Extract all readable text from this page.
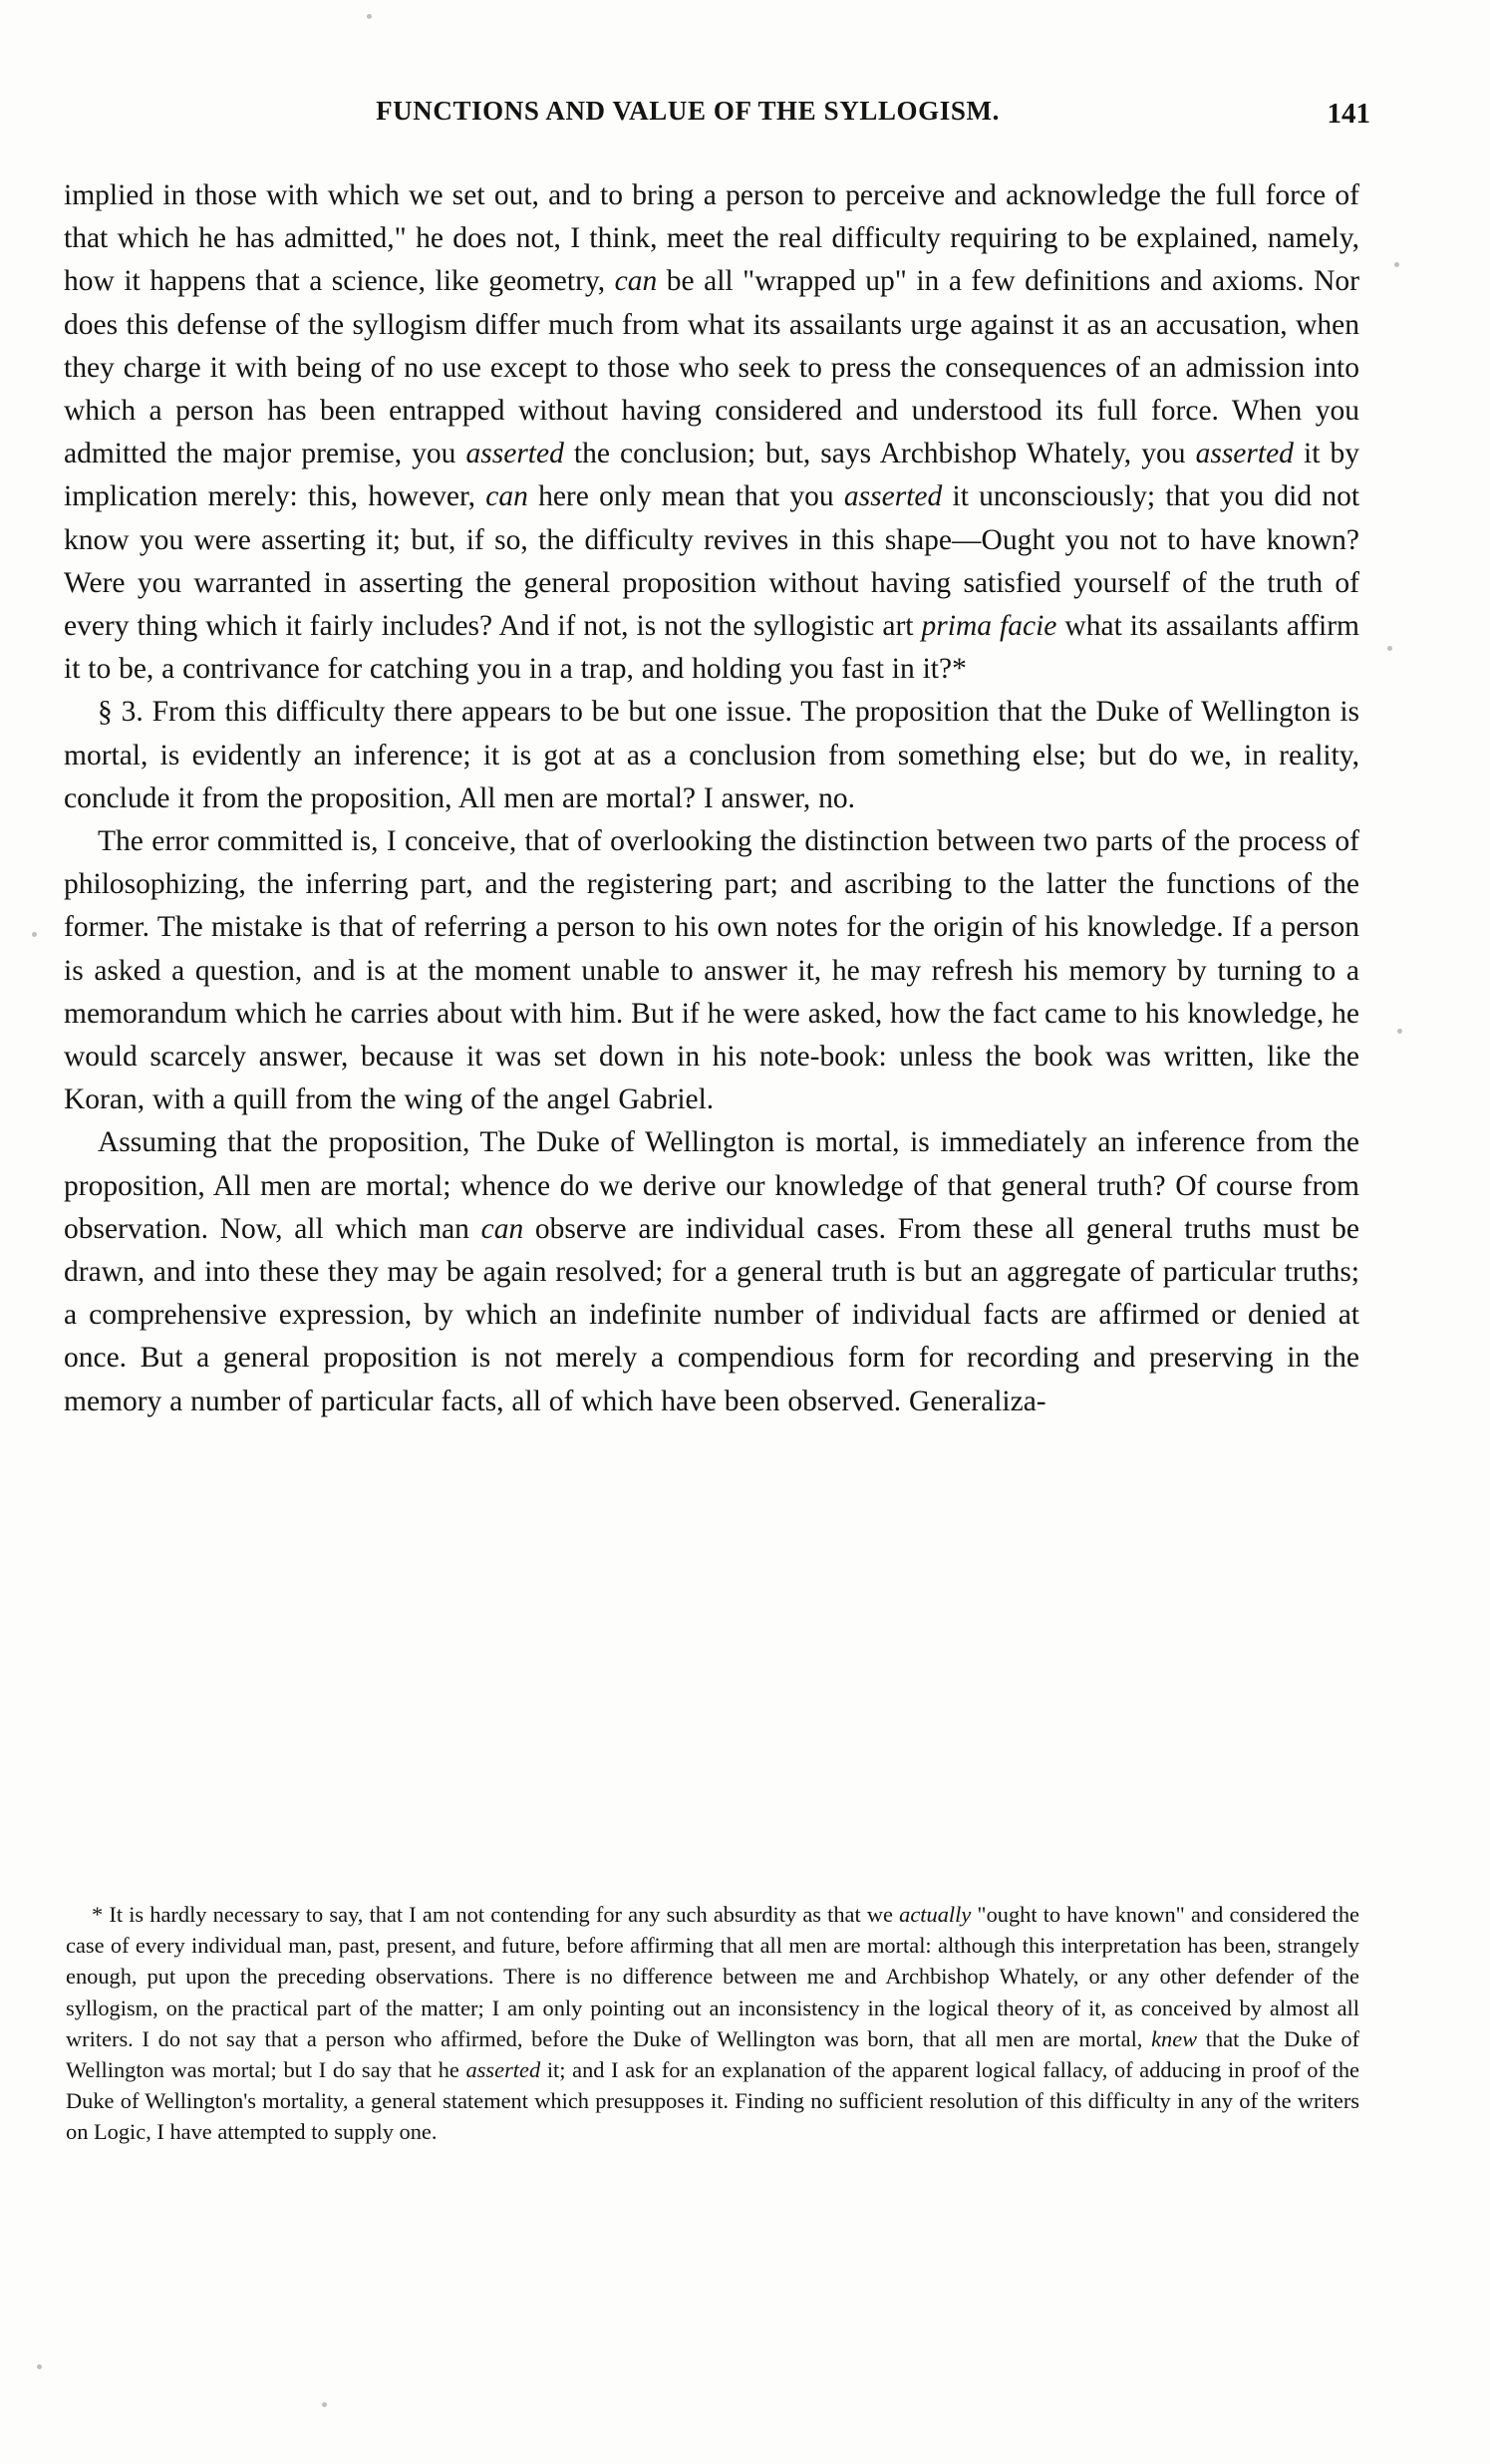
FUNCTIONS AND VALUE OF THE SYLLOGISM.	141

implied in those with which we set out, and to bring a person to perceive and acknowledge the full force of that which he has admitted," he does not, I think, meet the real difficulty requiring to be explained, namely, how it happens that a science, like geometry, can be all "wrapped up" in a few definitions and axioms. Nor does this defense of the syllogism differ much from what its assailants urge against it as an accusation, when they charge it with being of no use except to those who seek to press the consequences of an admission into which a person has been entrapped without having considered and understood its full force. When you admitted the major premise, you asserted the conclusion; but, says Archbishop Whately, you asserted it by implication merely: this, however, can here only mean that you asserted it unconsciously; that you did not know you were asserting it; but, if so, the difficulty revives in this shape—Ought you not to have known? Were you warranted in asserting the general proposition without having satisfied yourself of the truth of every thing which it fairly includes? And if not, is not the syllogistic art prima facie what its assailants affirm it to be, a contrivance for catching you in a trap, and holding you fast in it?*

§ 3. From this difficulty there appears to be but one issue. The proposition that the Duke of Wellington is mortal, is evidently an inference; it is got at as a conclusion from something else; but do we, in reality, conclude it from the proposition, All men are mortal? I answer, no.

The error committed is, I conceive, that of overlooking the distinction between two parts of the process of philosophizing, the inferring part, and the registering part; and ascribing to the latter the functions of the former. The mistake is that of referring a person to his own notes for the origin of his knowledge. If a person is asked a question, and is at the moment unable to answer it, he may refresh his memory by turning to a memorandum which he carries about with him. But if he were asked, how the fact came to his knowledge, he would scarcely answer, because it was set down in his note-book: unless the book was written, like the Koran, with a quill from the wing of the angel Gabriel.

Assuming that the proposition, The Duke of Wellington is mortal, is immediately an inference from the proposition, All men are mortal; whence do we derive our knowledge of that general truth? Of course from observation. Now, all which man can observe are individual cases. From these all general truths must be drawn, and into these they may be again resolved; for a general truth is but an aggregate of particular truths; a comprehensive expression, by which an indefinite number of individual facts are affirmed or denied at once. But a general proposition is not merely a compendious form for recording and preserving in the memory a number of particular facts, all of which have been observed. Generaliza-

* It is hardly necessary to say, that I am not contending for any such absurdity as that we actually "ought to have known" and considered the case of every individual man, past, present, and future, before affirming that all men are mortal: although this interpretation has been, strangely enough, put upon the preceding observations. There is no difference between me and Archbishop Whately, or any other defender of the syllogism, on the practical part of the matter; I am only pointing out an inconsistency in the logical theory of it, as conceived by almost all writers. I do not say that a person who affirmed, before the Duke of Wellington was born, that all men are mortal, knew that the Duke of Wellington was mortal; but I do say that he asserted it; and I ask for an explanation of the apparent logical fallacy, of adducing in proof of the Duke of Wellington's mortality, a general statement which presupposes it. Finding no sufficient resolution of this difficulty in any of the writers on Logic, I have attempted to supply one.
